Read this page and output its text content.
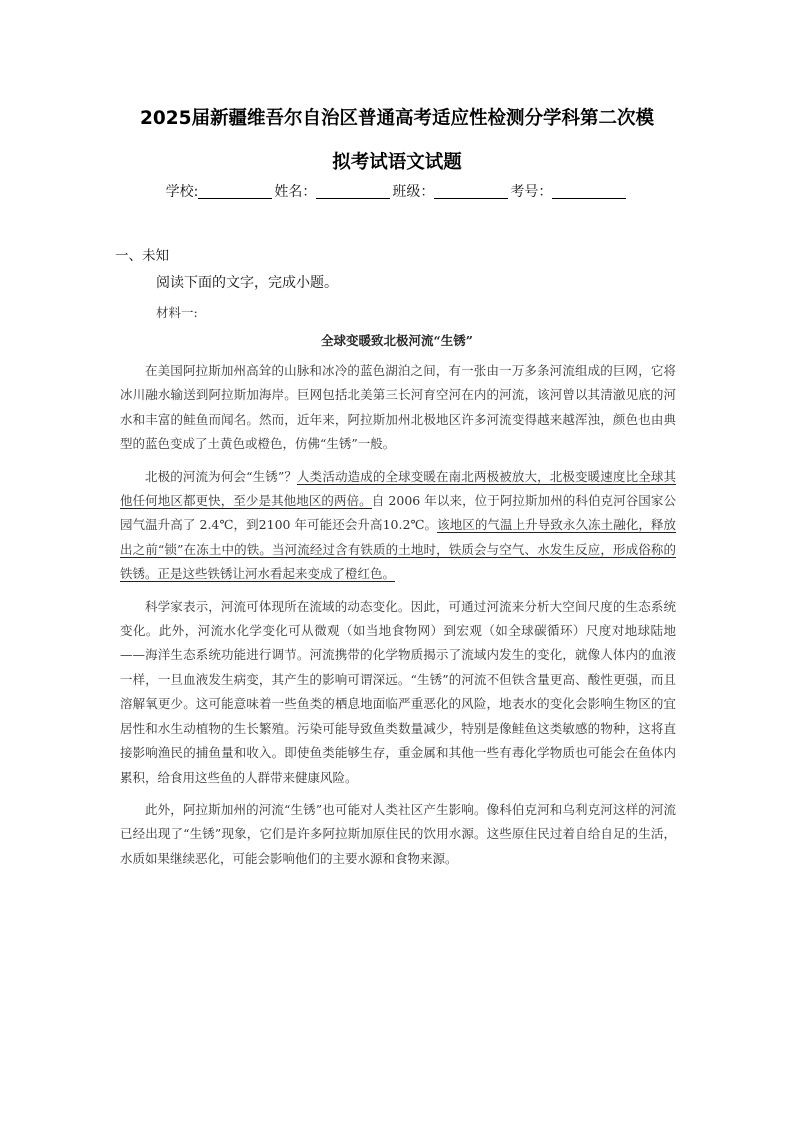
2025届新疆维吾尔自治区普通高考适应性检测分学科第二次模
拟考试语文试题
学校:	姓名：	班级：	考号：
一、未知
阅读下面的文字，完成小题。
材料一:
全球变暖致北极河流“生锈”

在美国阿拉斯加州高耸的山脉和冰冷的蓝色湖泊之间，有一张由一万多条河流组成的巨网，它将冰川融水输送到阿拉斯加海岸。巨网包括北美第三长河育空河在内的河流，该河曾以其清澈见底的河水和丰富的鲑鱼而闻名。然而，近年来，阿拉斯加州北极地区许多河流变得越来越浑浊，颜色也由典型的蓝色变成了土黄色或橙色，仿佛“生锈”一般。

北极的河流为何会“生锈”？人类活动造成的全球变暖在南北两极被放大，北极变暖速度比全球其他任何地区都更快，至少是其他地区的两倍。自 2006 年以来，位于阿拉斯加州的科伯克河谷国家公园气温升高了 2.4℃，到2100 年可能还会升高10.2℃。该地区的气温上升导致永久冻土融化，释放出之前“锁”在冻土中的铁。当河流经过含有铁质的土地时，铁质会与空气、水发生反应，形成俗称的铁锈。正是这些铁锈让河水看起来变成了橙红色。

科学家表示，河流可体现所在流域的动态变化。因此，可通过河流来分析大空间尺度的生态系统变化。此外，河流水化学变化可从微观（如当地食物网）到宏观（如全球碳循环）尺度对地球陆地——海洋生态系统功能进行调节。河流携带的化学物质揭示了流域内发生的变化，就像人体内的血液一样，一旦血液发生病变，其产生的影响可谓深远。“生锈”的河流不但铁含量更高、酸性更强，而且溶解氧更少。这可能意味着一些鱼类的栖息地面临严重恶化的风险，地表水的变化会影响生物区的宜居性和水生动植物的生长繁殖。污染可能导致鱼类数量减少，特别是像鲑鱼这类敏感的物种，这将直接影响渔民的捕鱼量和收入。即使鱼类能够生存，重金属和其他一些有毒化学物质也可能会在鱼体内累积，给食用这些鱼的人群带来健康风险。

此外，阿拉斯加州的河流“生锈”也可能对人类社区产生影响。像科伯克河和乌利克河这样的河流已经出现了“生锈”现象，它们是许多阿拉斯加原住民的饮用水源。这些原住民过着自给自足的生活，水质如果继续恶化，可能会影响他们的主要水源和食物来源。
